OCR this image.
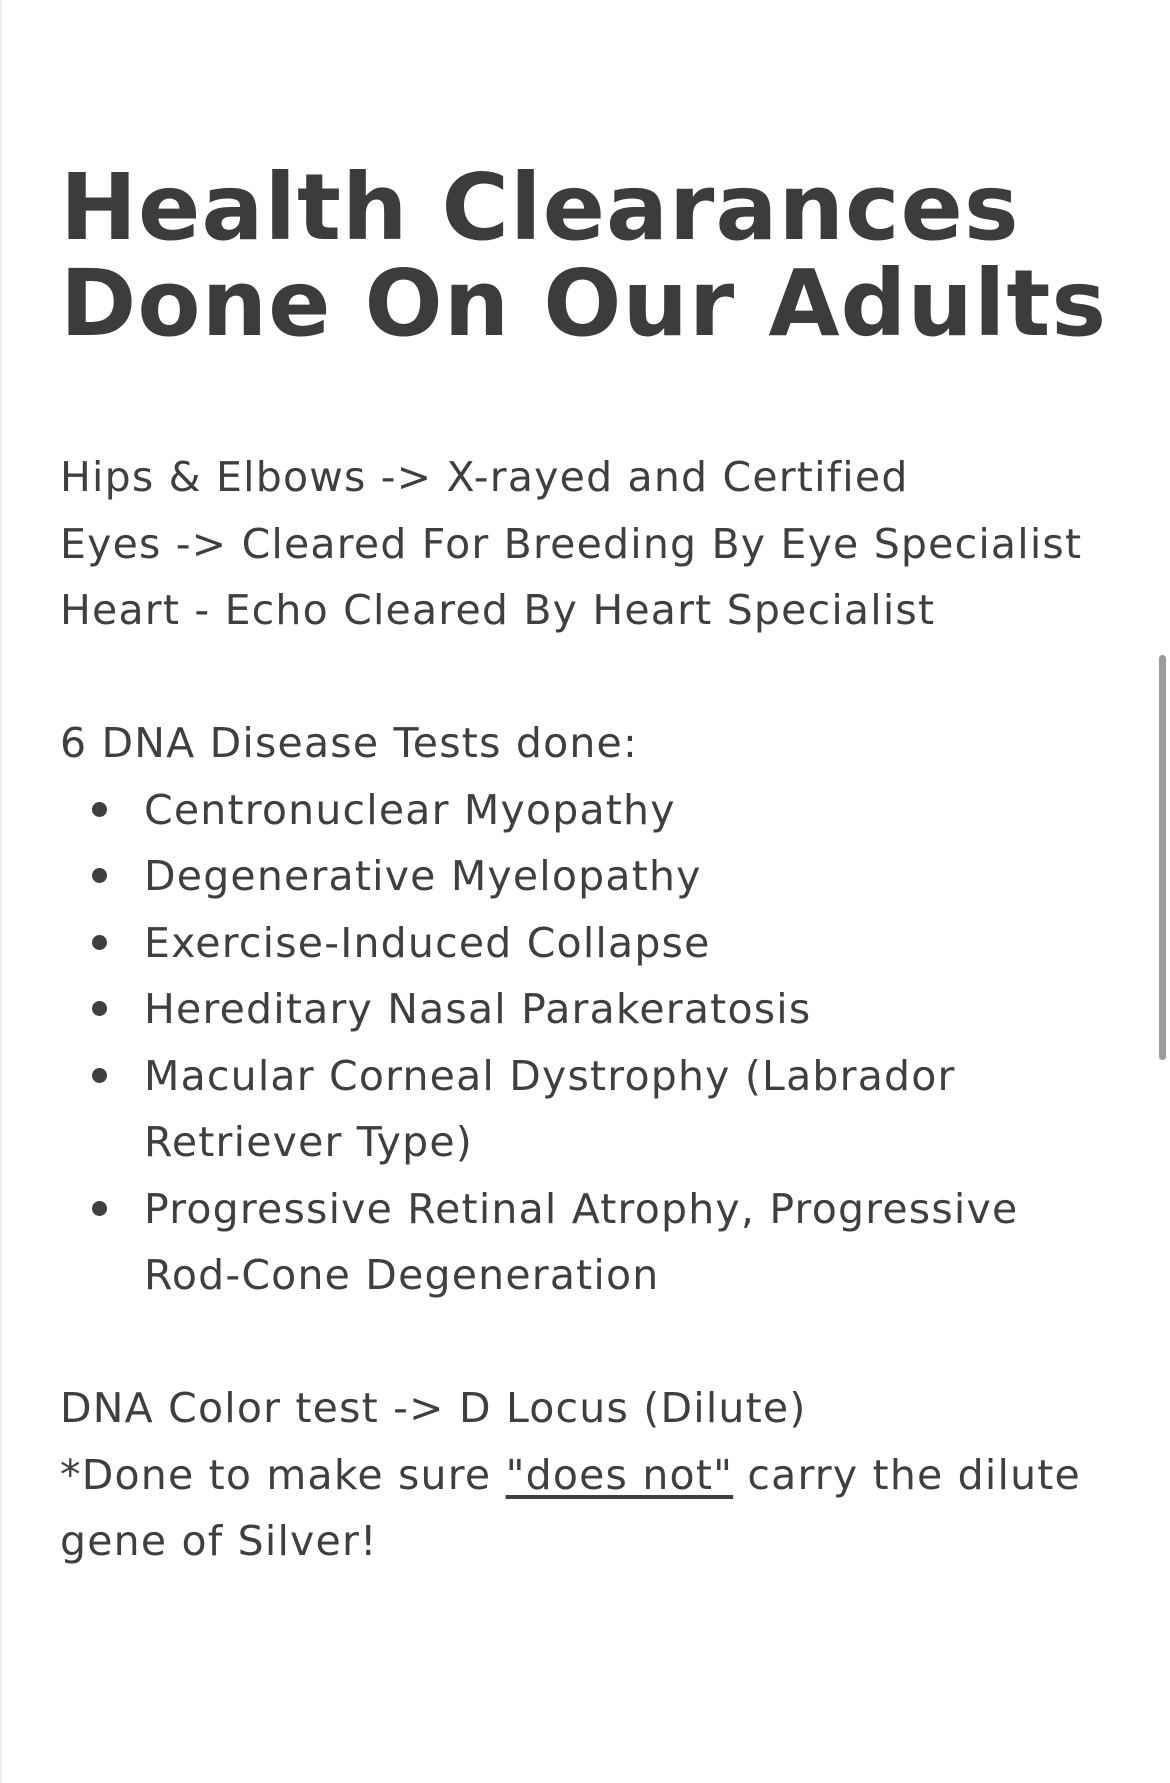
Health Clearances
Done On Our Adults
Hips & Elbows -> X-rayed and Certified
Eyes -> Cleared For Breeding By Eye Specialist
Heart - Echo Cleared By Heart Specialist
6 DNA Disease Tests done:
Centronuclear Myopathy
Degenerative Myelopathy
Exercise-Induced Collapse
Hereditary Nasal Parakeratosis
Macular Corneal Dystrophy (Labrador Retriever Type)
Progressive Retinal Atrophy, Progressive Rod-Cone Degeneration
DNA Color test -> D Locus (Dilute)
*Done to make sure "does not" carry the dilute gene of Silver!
